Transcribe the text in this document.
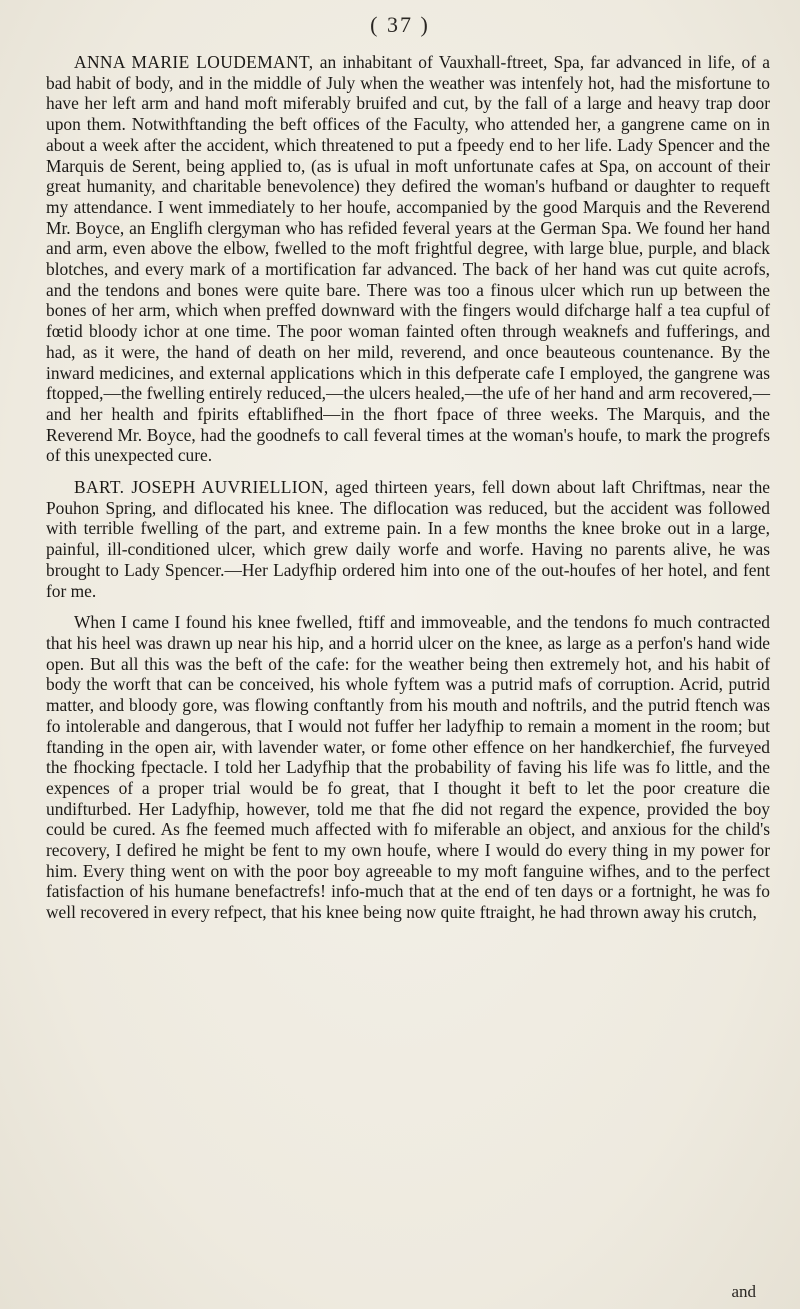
( 37 )

ANNA MARIE LOUDEMANT, an inhabitant of Vauxhall-ftreet, Spa, far advanced in life, of a bad habit of body, and in the middle of July when the weather was intenfely hot, had the misfortune to have her left arm and hand moft miferably bruifed and cut, by the fall of a large and heavy trap door upon them. Notwithftanding the beft offices of the Faculty, who attended her, a gangrene came on in about a week after the accident, which threatened to put a fpeedy end to her life. Lady Spencer and the Marquis de Serent, being applied to, (as is ufual in moft unfortunate cafes at Spa, on account of their great humanity, and charitable benevolence) they defired the woman's hufband or daughter to requeft my attendance. I went immediately to her houfe, accompanied by the good Marquis and the Reverend Mr. Boyce, an Englifh clergyman who has refided feveral years at the German Spa. We found her hand and arm, even above the elbow, fwelled to the moft frightful degree, with large blue, purple, and black blotches, and every mark of a mortification far advanced. The back of her hand was cut quite acrofs, and the tendons and bones were quite bare. There was too a finous ulcer which run up between the bones of her arm, which when preffed downward with the fingers would difcharge half a tea cupful of fœtid bloody ichor at one time. The poor woman fainted often through weaknefs and fufferings, and had, as it were, the hand of death on her mild, reverend, and once beauteous countenance. By the inward medicines, and external applications which in this defperate cafe I employed, the gangrene was ftopped,—the fwelling entirely reduced,—the ulcers healed,—the ufe of her hand and arm recovered,—and her health and fpirits eftablifhed—in the fhort fpace of three weeks. The Marquis, and the Reverend Mr. Boyce, had the goodnefs to call feveral times at the woman's houfe, to mark the progrefs of this unexpected cure.

BART. JOSEPH AUVRIELLION, aged thirteen years, fell down about laft Chriftmas, near the Pouhon Spring, and diflocated his knee. The diflocation was reduced, but the accident was followed with terrible fwelling of the part, and extreme pain. In a few months the knee broke out in a large, painful, ill-conditioned ulcer, which grew daily worfe and worfe. Having no parents alive, he was brought to Lady Spencer.—Her Ladyfhip ordered him into one of the out-houfes of her hotel, and fent for me.

When I came I found his knee fwelled, ftiff and immoveable, and the tendons fo much contracted that his heel was drawn up near his hip, and a horrid ulcer on the knee, as large as a perfon's hand wide open. But all this was the beft of the cafe: for the weather being then extremely hot, and his habit of body the worft that can be conceived, his whole fyftem was a putrid mafs of corruption. Acrid, putrid matter, and bloody gore, was flowing conftantly from his mouth and noftrils, and the putrid ftench was fo intolerable and dangerous, that I would not fuffer her ladyfhip to remain a moment in the room; but ftanding in the open air, with lavender water, or fome other effence on her handkerchief, fhe furveyed the fhocking fpectacle. I told her Ladyfhip that the probability of faving his life was fo little, and the expences of a proper trial would be fo great, that I thought it beft to let the poor creature die undifturbed. Her Ladyfhip, however, told me that fhe did not regard the expence, provided the boy could be cured. As fhe feemed much affected with fo miferable an object, and anxious for the child's recovery, I defired he might be fent to my own houfe, where I would do every thing in my power for him. Every thing went on with the poor boy agreeable to my moft fanguine wifhes, and to the perfect fatisfaction of his humane benefactrefs! info-much that at the end of ten days or a fortnight, he was fo well recovered in every refpect, that his knee being now quite ftraight, he had thrown away his crutch,

and
